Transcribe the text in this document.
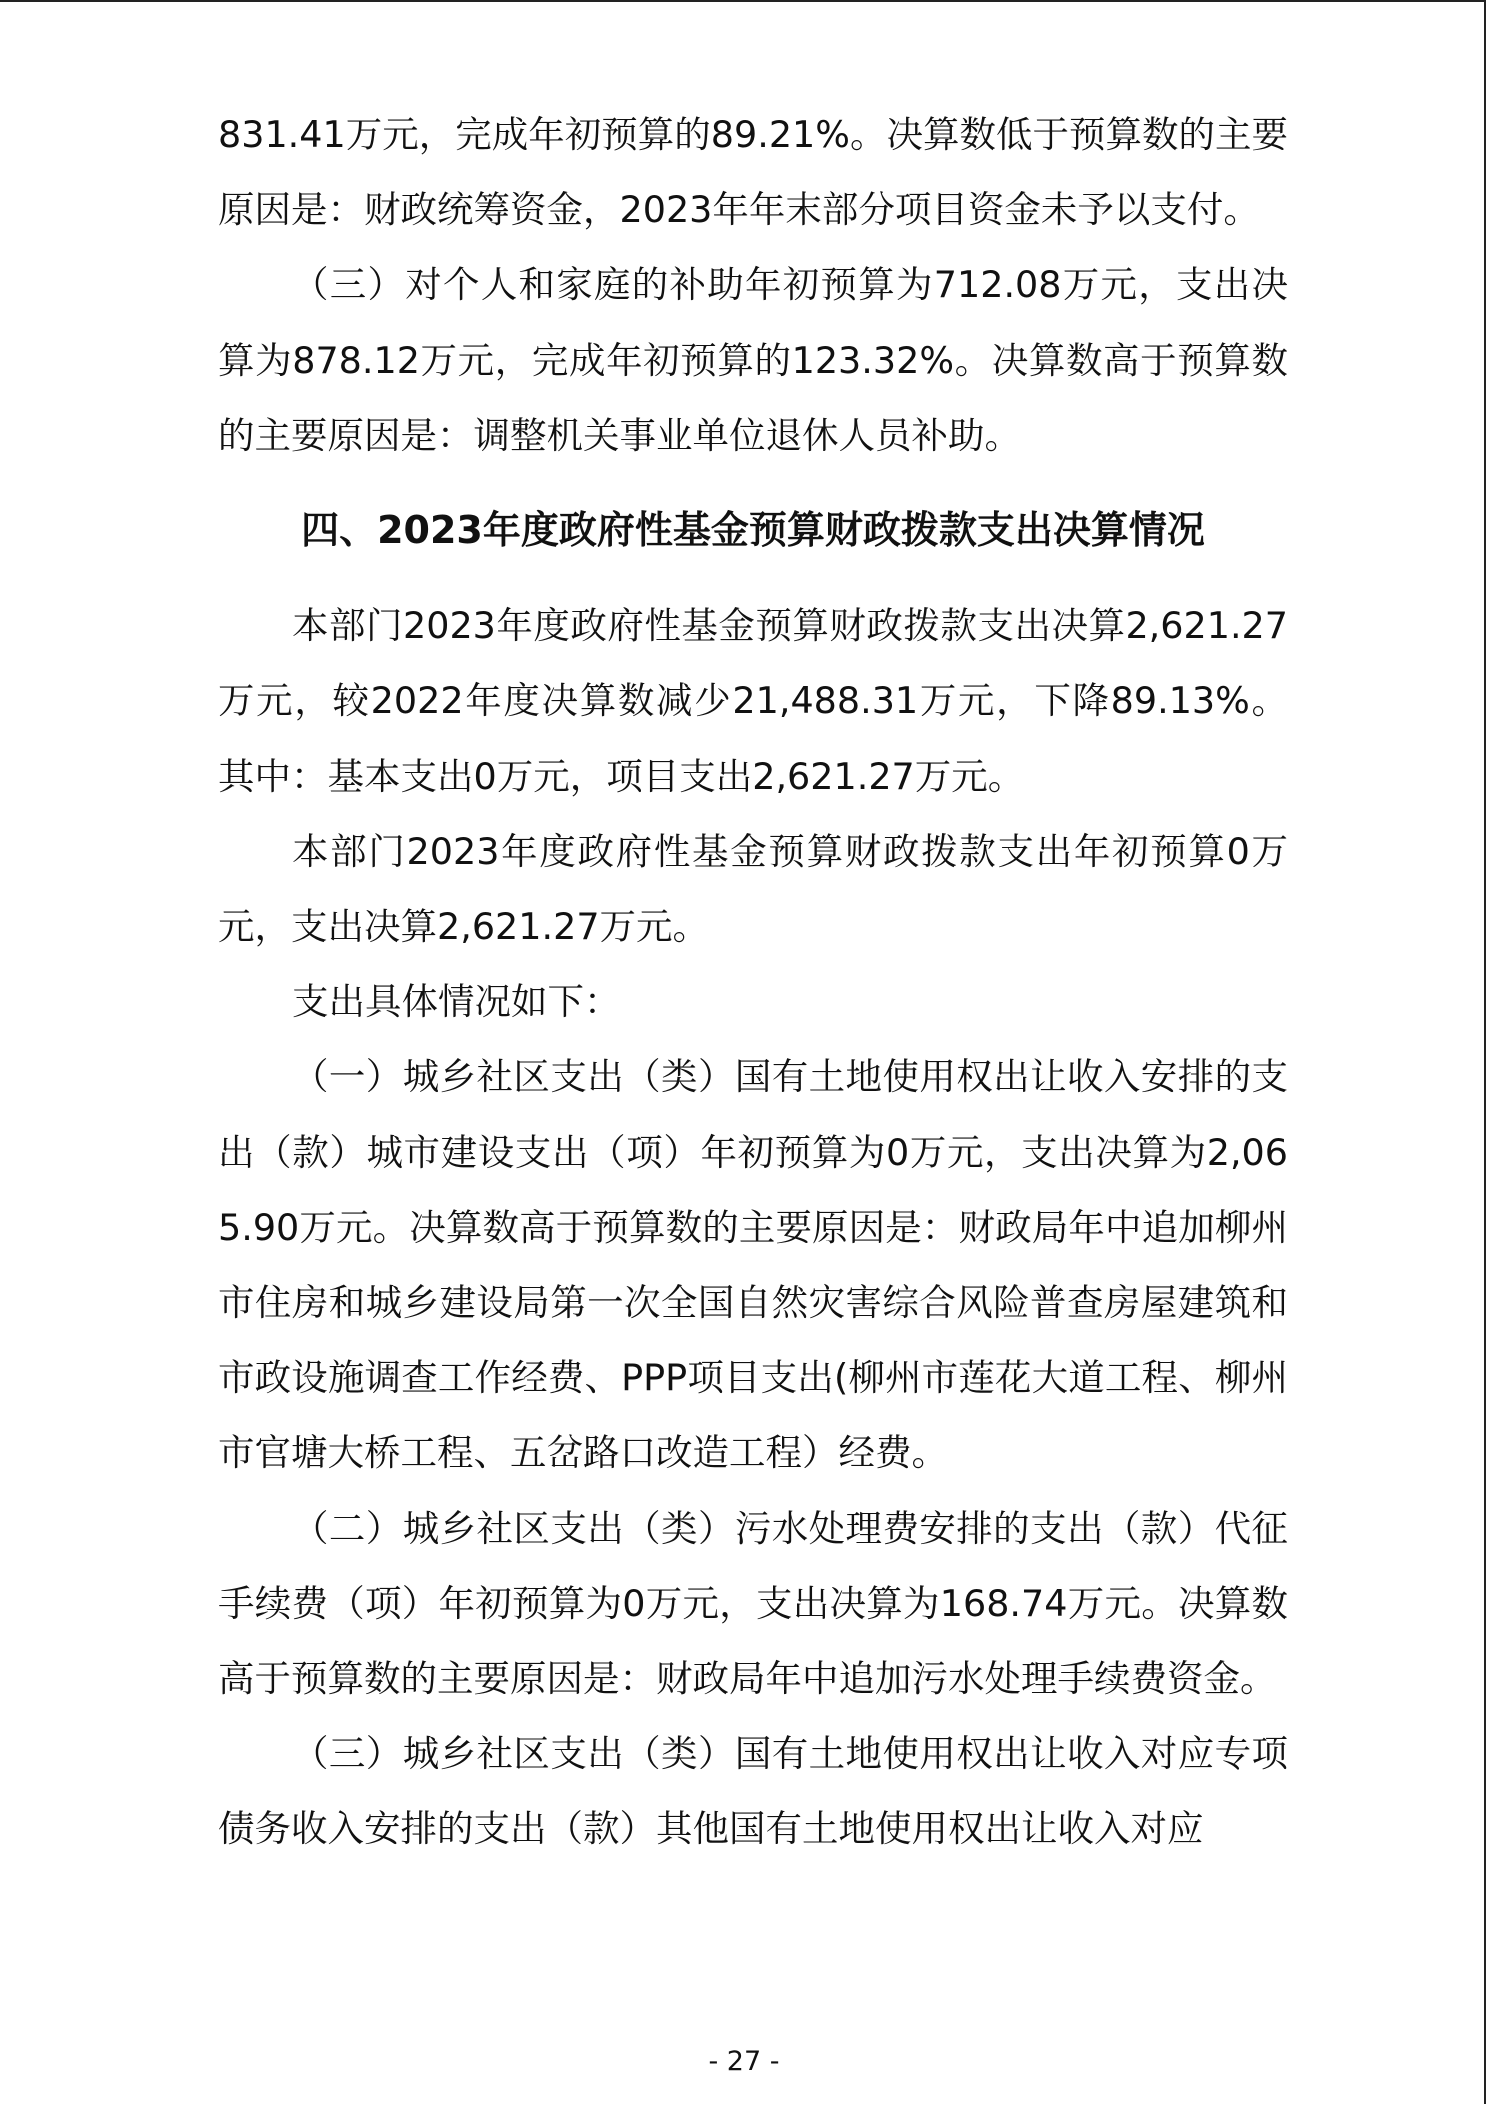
831.41万元，完成年初预算的89.21%。决算数低于预算数的主要原因是：财政统筹资金，2023年年末部分项目资金未予以支付。

（三）对个人和家庭的补助年初预算为712.08万元，支出决算为878.12万元，完成年初预算的123.32%。决算数高于预算数的主要原因是：调整机关事业单位退休人员补助。

四、2023年度政府性基金预算财政拨款支出决算情况

本部门2023年度政府性基金预算财政拨款支出决算2,621.27万元，较2022年度决算数减少21,488.31万元，下降89.13%。其中：基本支出0万元，项目支出2,621.27万元。

本部门2023年度政府性基金预算财政拨款支出年初预算0万元，支出决算2,621.27万元。

支出具体情况如下：

（一）城乡社区支出（类）国有土地使用权出让收入安排的支出（款）城市建设支出（项）年初预算为0万元，支出决算为2,065.90万元。决算数高于预算数的主要原因是：财政局年中追加柳州市住房和城乡建设局第一次全国自然灾害综合风险普查房屋建筑和市政设施调查工作经费、PPP项目支出(柳州市莲花大道工程、柳州市官塘大桥工程、五岔路口改造工程）经费。

（二）城乡社区支出（类）污水处理费安排的支出（款）代征手续费（项）年初预算为0万元，支出决算为168.74万元。决算数高于预算数的主要原因是：财政局年中追加污水处理手续费资金。

（三）城乡社区支出（类）国有土地使用权出让收入对应专项债务收入安排的支出（款）其他国有土地使用权出让收入对应

- 27 -
